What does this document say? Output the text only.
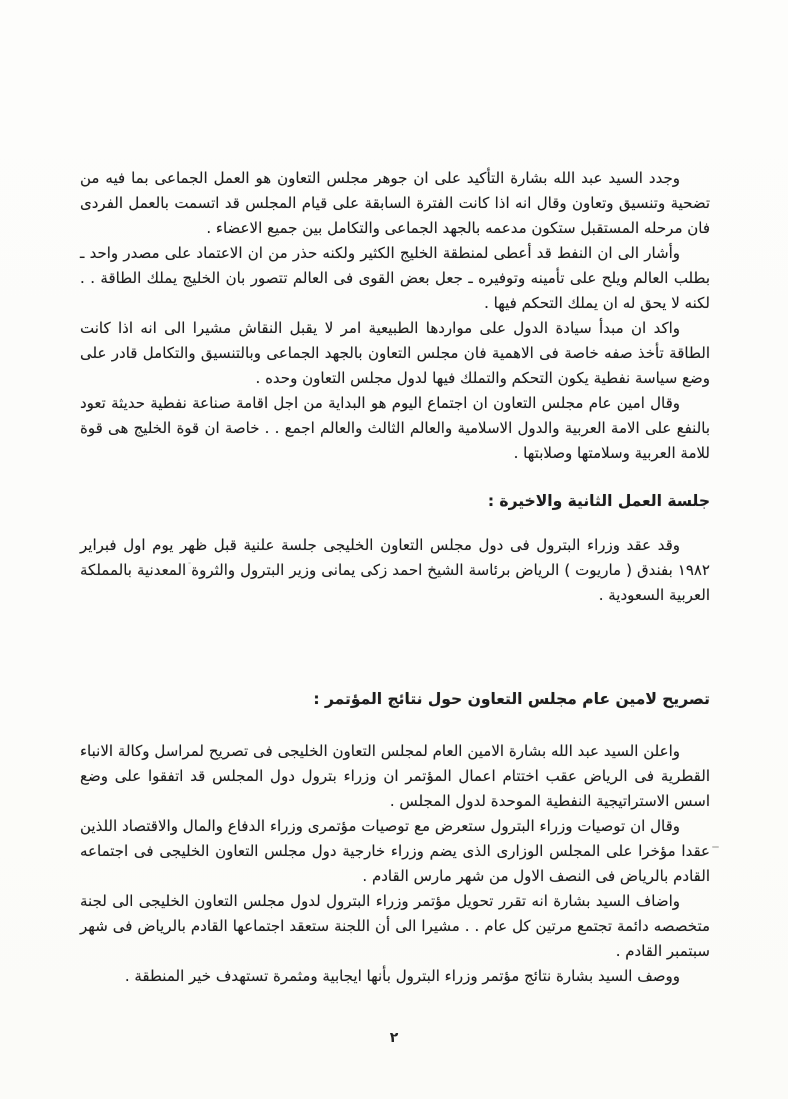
وجدد السيد عبد الله بشارة التأكيد على ان جوهر مجلس التعاون هو العمل الجماعى بما فيه من تضحية وتنسيق وتعاون وقال انه اذا كانت الفترة السابقة على قيام المجلس قد اتسمت بالعمل الفردى فان مرحله المستقبل ستكون مدعمه بالجهد الجماعى والتكامل بين جميع الاعضاء .

وأشار الى ان النفط قد أعطى لمنطقة الخليج الكثير ولكنه حذر من ان الاعتماد على مصدر واحد ـ بطلب العالم ويلح على تأمينه وتوفيره ـ جعل بعض القوى فى العالم تتصور بان الخليج يملك الطاقة . . لكنه لا يحق له ان يملك التحكم فيها .

واكد ان مبدأ سيادة الدول على مواردها الطبيعية امر لا يقبل النقاش مشيرا الى انه اذا كانت الطاقة تأخذ صفه خاصة فى الاهمية فان مجلس التعاون بالجهد الجماعى وبالتنسيق والتكامل قادر على وضع سياسة نفطية يكون التحكم والتملك فيها لدول مجلس التعاون وحده .

وقال امين عام مجلس التعاون ان اجتماع اليوم هو البداية من اجل اقامة صناعة نفطية حديثة تعود بالنفع على الامة العربية والدول الاسلامية والعالم الثالث والعالم اجمع . . خاصة ان قوة الخليج هى قوة للامة العربية وسلامتها وصلابتها .

جلسة العمل الثانية والاخيرة :

وقد عقد وزراء البترول فى دول مجلس التعاون الخليجى جلسة علنية قبل ظهر يوم اول فبراير ١٩٨٢ بفندق ( ماريوت ) الرياض برئاسة الشيخ احمد زكى يمانى وزير البترول والثروة المعدنية بالمملكة العربية السعودية .

تصريح لامين عام مجلس التعاون حول نتائج المؤتمر :

واعلن السيد عبد الله بشارة الامين العام لمجلس التعاون الخليجى فى تصريح لمراسل وكالة الانباء القطرية فى الرياض عقب اختتام اعمال المؤتمر ان وزراء بترول دول المجلس قد اتفقوا على وضع اسس الاستراتيجية النفطية الموحدة لدول المجلس .

وقال ان توصيات وزراء البترول ستعرض مع توصيات مؤتمرى وزراء الدفاع والمال والاقتصاد اللذين عقدا مؤخرا على المجلس الوزارى الذى يضم وزراء خارجية دول مجلس التعاون الخليجى فى اجتماعه القادم بالرياض فى النصف الاول من شهر مارس القادم .

واضاف السيد بشارة انه تقرر تحويل مؤتمر وزراء البترول لدول مجلس التعاون الخليجى الى لجنة متخصصه دائمة تجتمع مرتين كل عام . . مشيرا الى أن اللجنة ستعقد اجتماعها القادم بالرياض فى شهر سبتمبر القادم .

ووصف السيد بشارة نتائج مؤتمر وزراء البترول بأنها ايجابية ومثمرة تستهدف خير المنطقة .

٢
